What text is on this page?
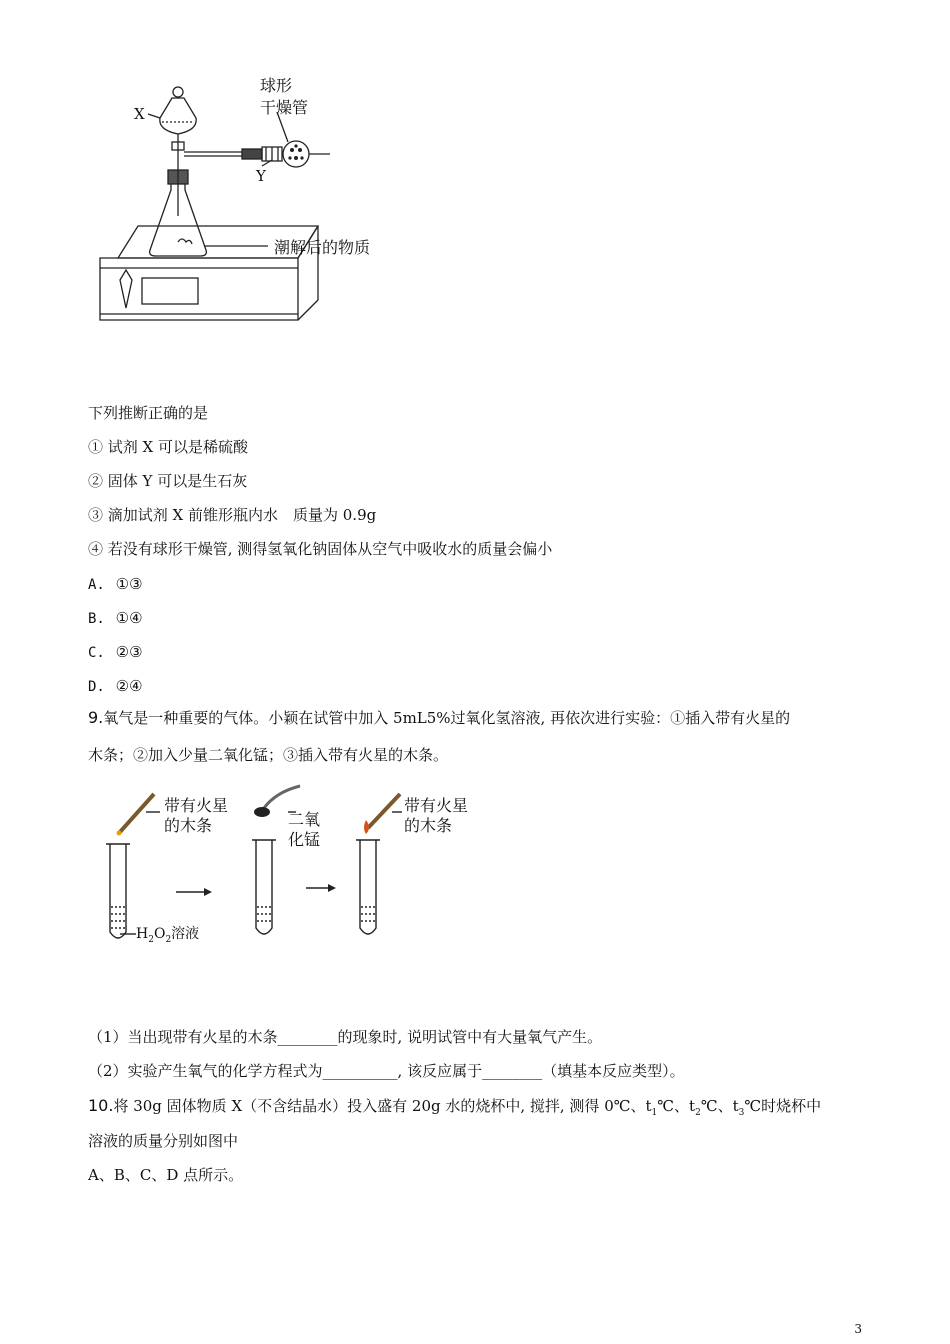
X
Y
球形
干燥管
潮解后的物质
下列推断正确的是
① 试剂 X 可以是稀硫酸
② 固体 Y 可以是生石灰
③ 滴加试剂 X 前锥形瓶内水　质量为 0.9g
④ 若没有球形干燥管, 测得氢氧化钠固体从空气中吸收水的质量会偏小
A. ①③
B. ①④
C. ②③
D. ②④
9.氧气是一种重要的气体。小颖在试管中加入 5mL5%过氧化氢溶液, 再依次进行实验：①插入带有火星的
木条；②加入少量二氧化锰；③插入带有火星的木条。
带有火星
的木条	二氧
化锰
带有火星
的木条
$H_2O_2$溶液
（1）当出现带有火星的木条________的现象时, 说明试管中有大量氧气产生。
（2）实验产生氧气的化学方程式为__________, 该反应属于________（填基本反应类型）。
10.将 30g 固体物质 X（不含结晶水）投入盛有 20g 水的烧杯中, 搅拌, 测得 0℃、$t_1℃$、$t_2℃$、$t_3℃$时烧杯中
溶液的质量分别如图中
A、B、C、D 点所示。
3
